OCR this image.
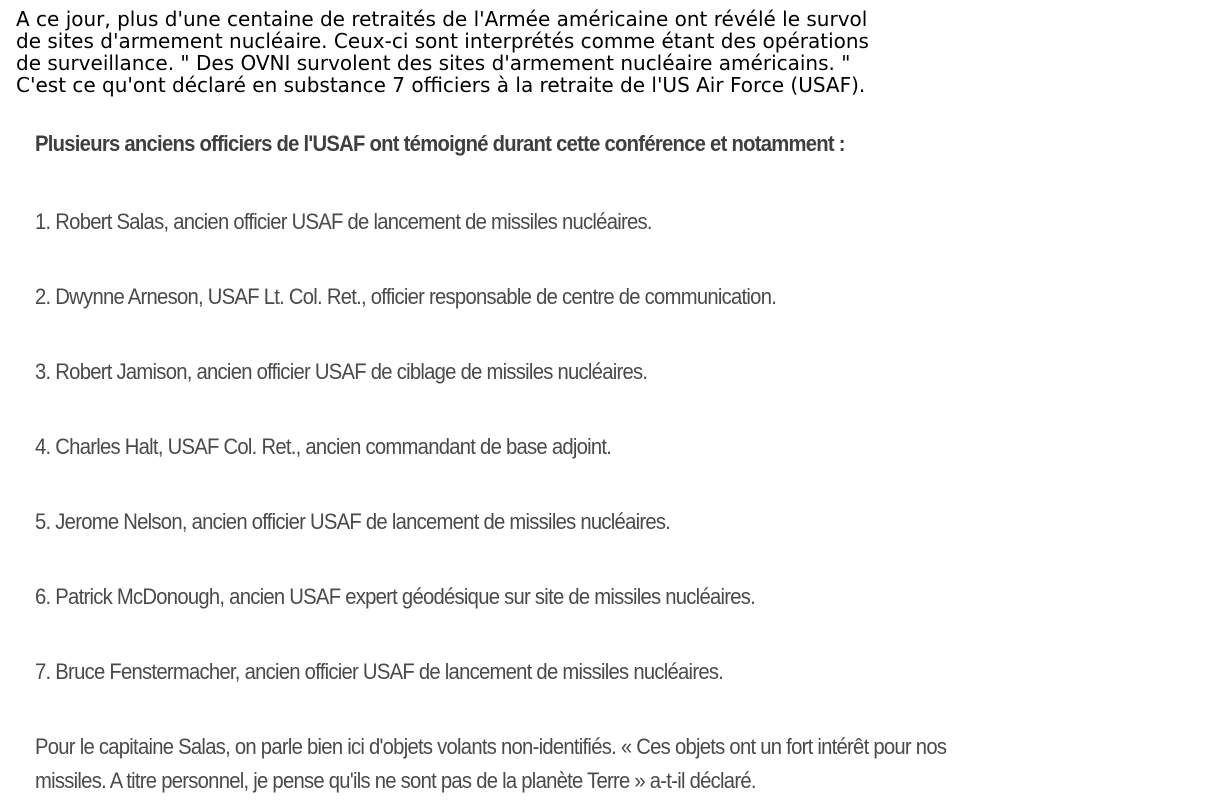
A ce jour, plus d'une centaine de retraités de l'Armée américaine ont révélé le survol
de sites d'armement nucléaire. Ceux-ci sont interprétés comme étant des opérations
de surveillance. " Des OVNI survolent des sites d'armement nucléaire américains. "
C'est ce qu'ont déclaré en substance 7 officiers à la retraite de l'US Air Force (USAF).

Plusieurs anciens officiers de l'USAF ont témoigné durant cette conférence et notamment :

1. Robert Salas, ancien officier USAF de lancement de missiles nucléaires.
2. Dwynne Arneson, USAF Lt. Col. Ret., officier responsable de centre de communication.
3. Robert Jamison, ancien officier USAF de ciblage de missiles nucléaires.
4. Charles Halt, USAF Col. Ret., ancien commandant de base adjoint.
5. Jerome Nelson, ancien officier USAF de lancement de missiles nucléaires.
6. Patrick McDonough, ancien USAF expert géodésique sur site de missiles nucléaires.
7. Bruce Fenstermacher, ancien officier USAF de lancement de missiles nucléaires.

Pour le capitaine Salas, on parle bien ici d'objets volants non-identifiés. « Ces objets ont un fort intérêt pour nos
missiles. A titre personnel, je pense qu'ils ne sont pas de la planète Terre » a-t-il déclaré.
